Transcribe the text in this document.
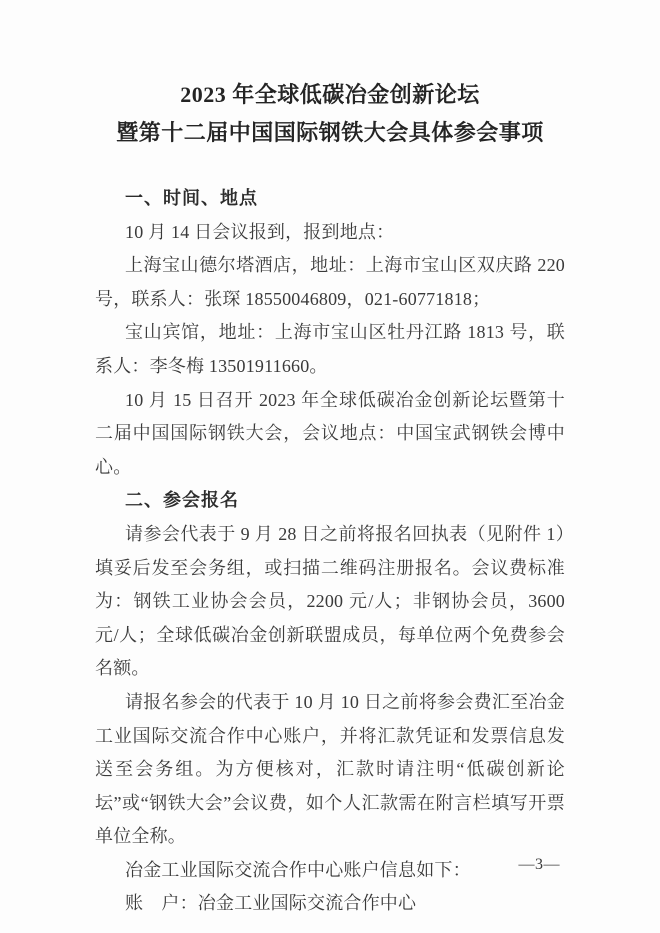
2023 年全球低碳冶金创新论坛
暨第十二届中国国际钢铁大会具体参会事项
一、时间、地点

10 月 14 日会议报到，报到地点：

上海宝山德尔塔酒店，地址：上海市宝山区双庆路 220 号，联系人：张琛 18550046809，021-60771818；

宝山宾馆，地址：上海市宝山区牡丹江路 1813 号，联系人：李冬梅 13501911660。

10 月 15 日召开 2023 年全球低碳冶金创新论坛暨第十二届中国国际钢铁大会，会议地点：中国宝武钢铁会博中心。

二、参会报名

请参会代表于 9 月 28 日之前将报名回执表（见附件 1）填妥后发至会务组，或扫描二维码注册报名。会议费标准为：钢铁工业协会会员，2200 元/人；非钢协会员，3600 元/人；全球低碳冶金创新联盟成员，每单位两个免费参会名额。

请报名参会的代表于 10 月 10 日之前将参会费汇至冶金工业国际交流合作中心账户，并将汇款凭证和发票信息发送至会务组。为方便核对，汇款时请注明“低碳创新论坛”或“钢铁大会”会议费，如个人汇款需在附言栏填写开票单位全称。

冶金工业国际交流合作中心账户信息如下：

账　户：冶金工业国际交流合作中心

—3—
